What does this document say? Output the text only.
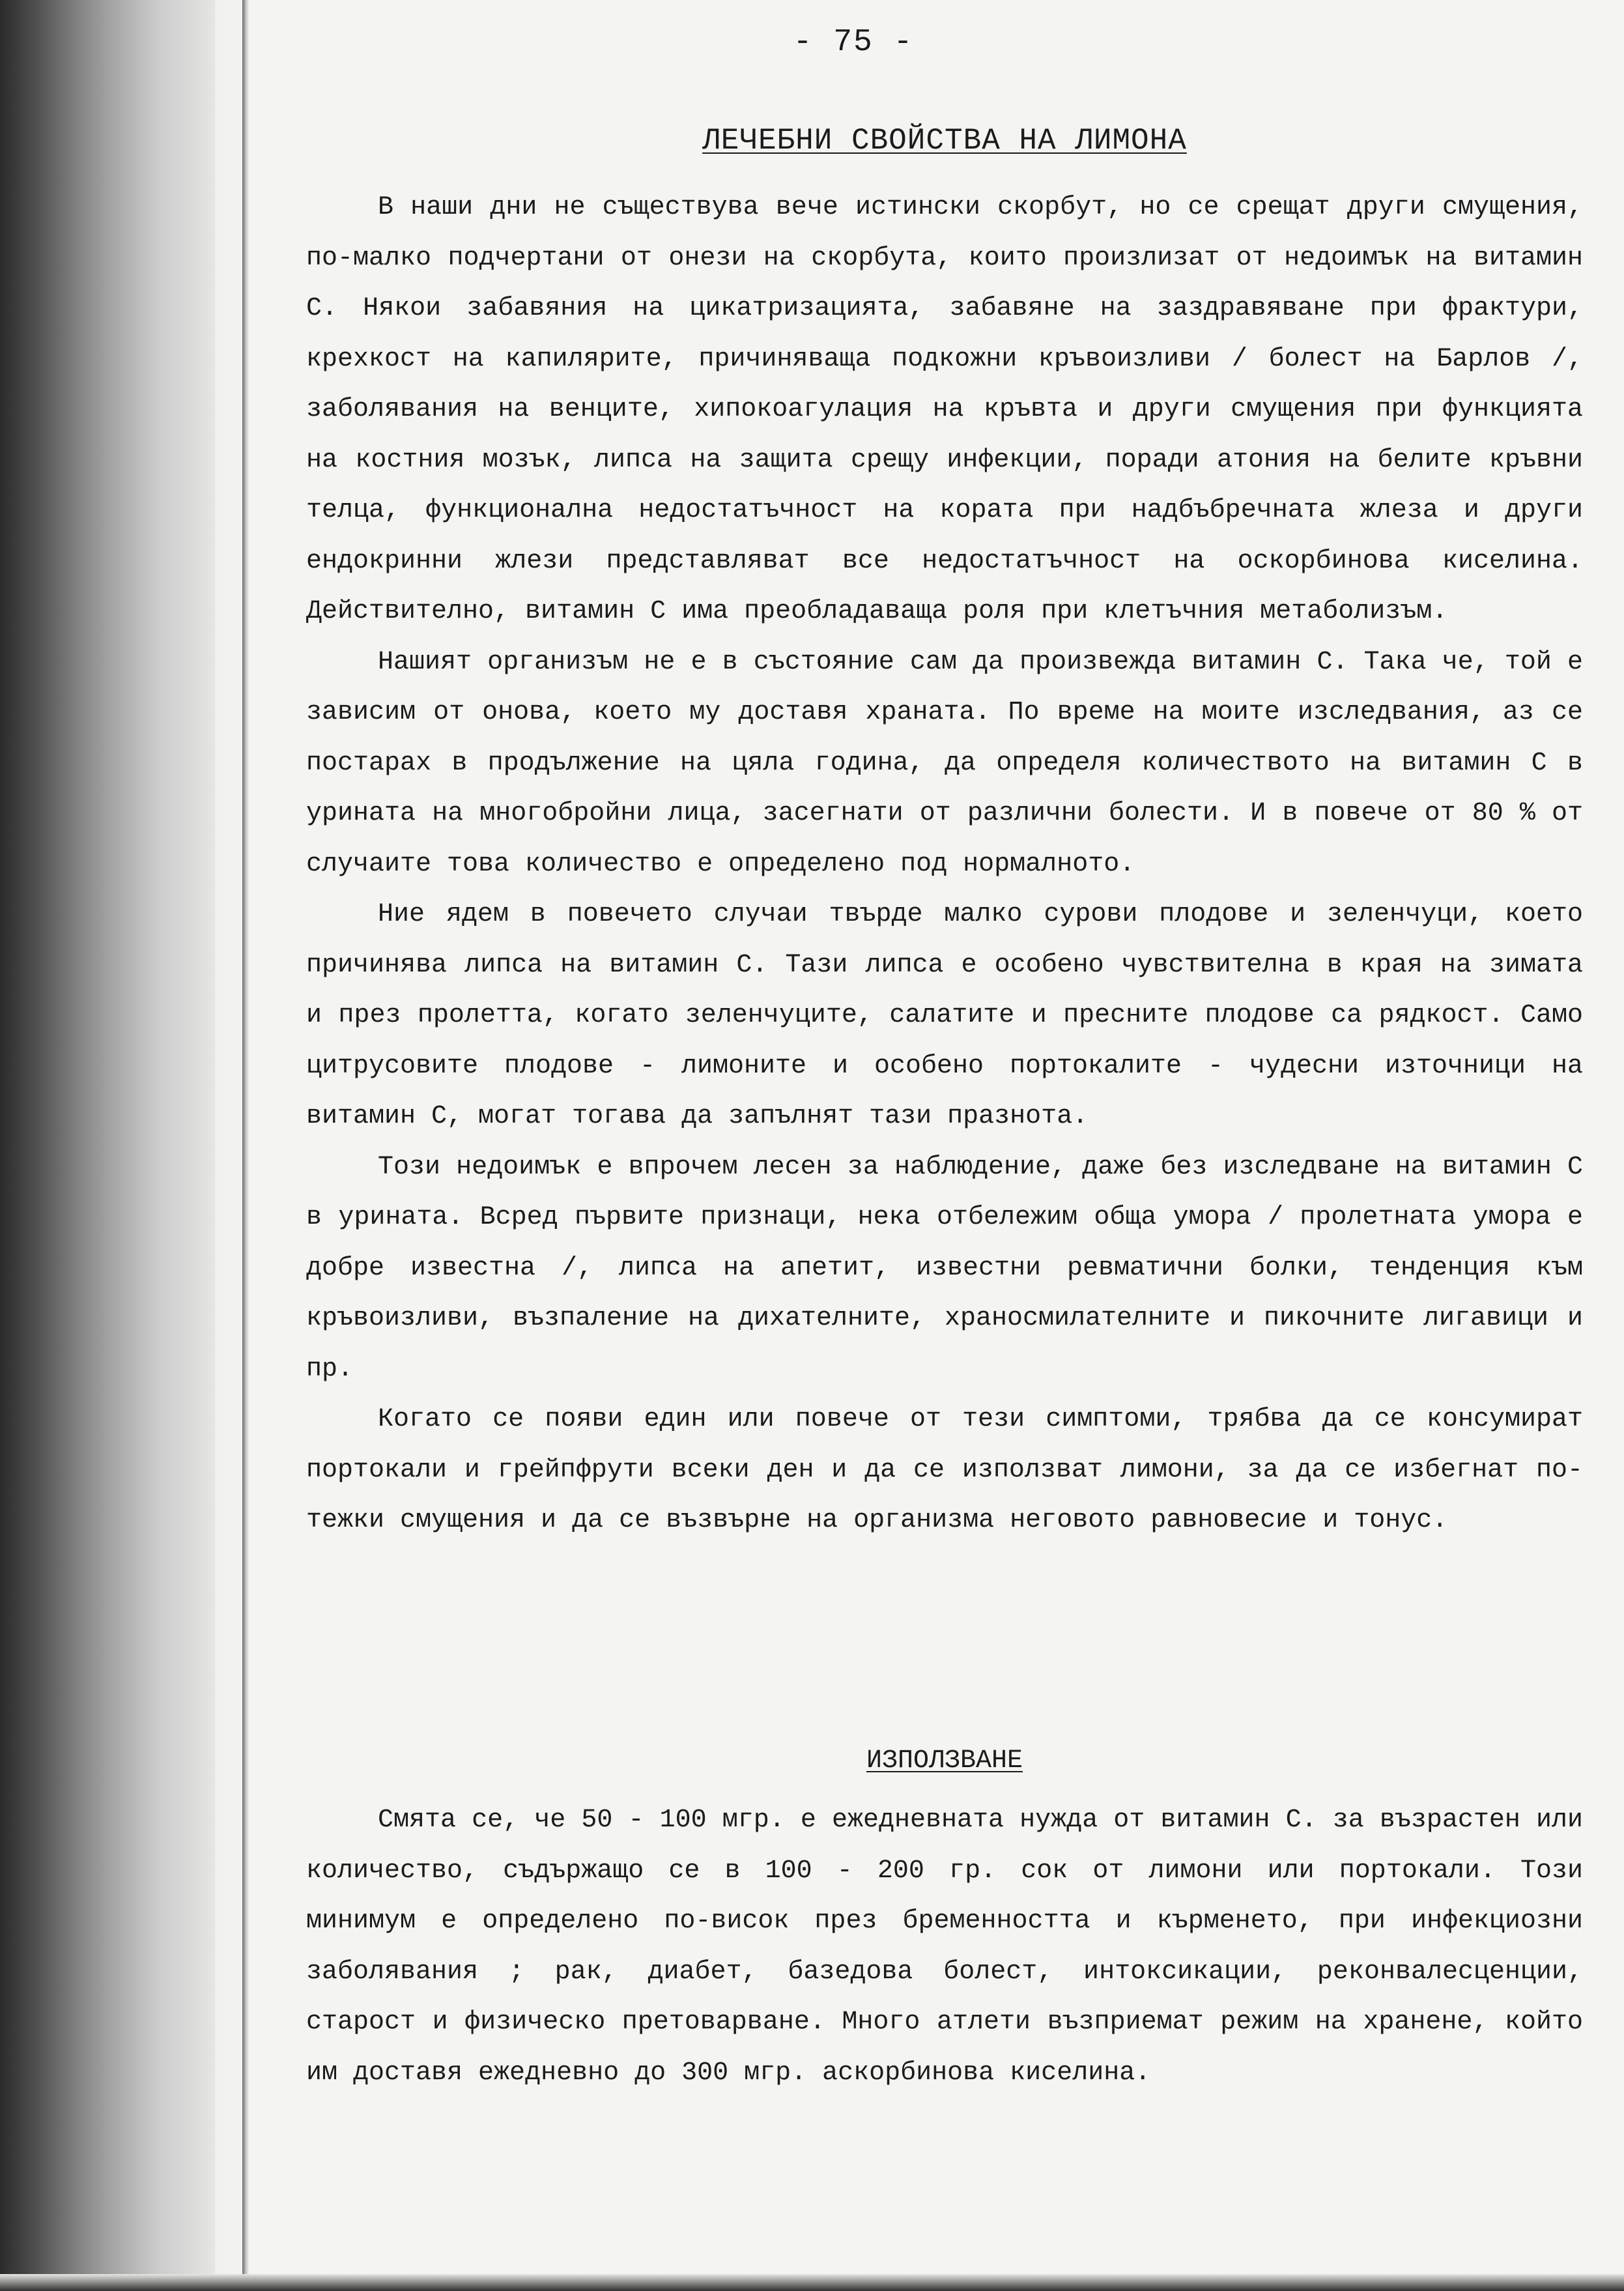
- 75 -
ЛЕЧЕБНИ СВОЙСТВА НА ЛИМОНА

В наши дни не съществува вече истински скорбут, но се срещат други смущения, по-малко подчертани от онези на скорбута, които произлизат от недоимък на витамин С. Някои забавяния на цикатризацията, забавяне на заздравяване при фрактури, крехкост на капилярите, причиняваща подкожни кръвоизливи / болест на Барлов /, заболявания на венците, хипокоагулация на кръвта и други смущения при функцията на костния мозък, липса на защита срещу инфекции, поради атония на белите кръвни телца, функционална недостатъчност на кората при надбъбречната жлеза и други ендокринни жлези представляват все недостатъчност на оскорбинова киселина. Действително, витамин С има преобладаваща роля при клетъчния метаболизъм.

Нашият организъм не е в състояние сам да произвежда витамин С. Така че, той е зависим от онова, което му доставя храната. По време на моите изследвания, аз се постарах в продължение на цяла година, да определя количеството на витамин С в урината на многобройни лица, засегнати от различни болести. И в повече от 80 % от случаите това количество е определено под нормалното.

Ние ядем в повечето случаи твърде малко сурови плодове и зеленчуци, което причинява липса на витамин С. Тази липса е особено чувствителна в края на зимата и през пролетта, когато зеленчуците, салатите и пресните плодове са рядкост. Само цитрусовите плодове - лимоните и особено портокалите - чудесни източници на витамин С, могат тогава да запълнят тази празнота.

Този недоимък е впрочем лесен за наблюдение, даже без изследване на витамин С в урината. Всред първите признаци, нека отбележим обща умора / пролетната умора е добре известна /, липса на апетит, известни ревматични болки, тенденция към кръвоизливи, възпаление на дихателните, храносмилателните и пикочните лигавици и пр.

Когато се появи един или повече от тези симптоми, трябва да се консумират портокали и грейпфрути всеки ден и да се използват лимони, за да се избегнат по-тежки смущения и да се възвърне на организма неговото равновесие и тонус.

ИЗПОЛЗВАНЕ

Смята се, че 50 - 100 мгр. е ежедневната нужда от витамин С. за възрастен или количество, съдържащо се в 100 - 200 гр. сок от лимони или портокали. Този минимум е определено по-висок през бременността и кърменето, при инфекциозни заболявания ; рак, диабет, базедова болест, интоксикации, реконвалесценции, старост и физическо претоварване. Много атлети възприемат режим на хранене, който им доставя ежедневно до 300 мгр. аскорбинова киселина.
